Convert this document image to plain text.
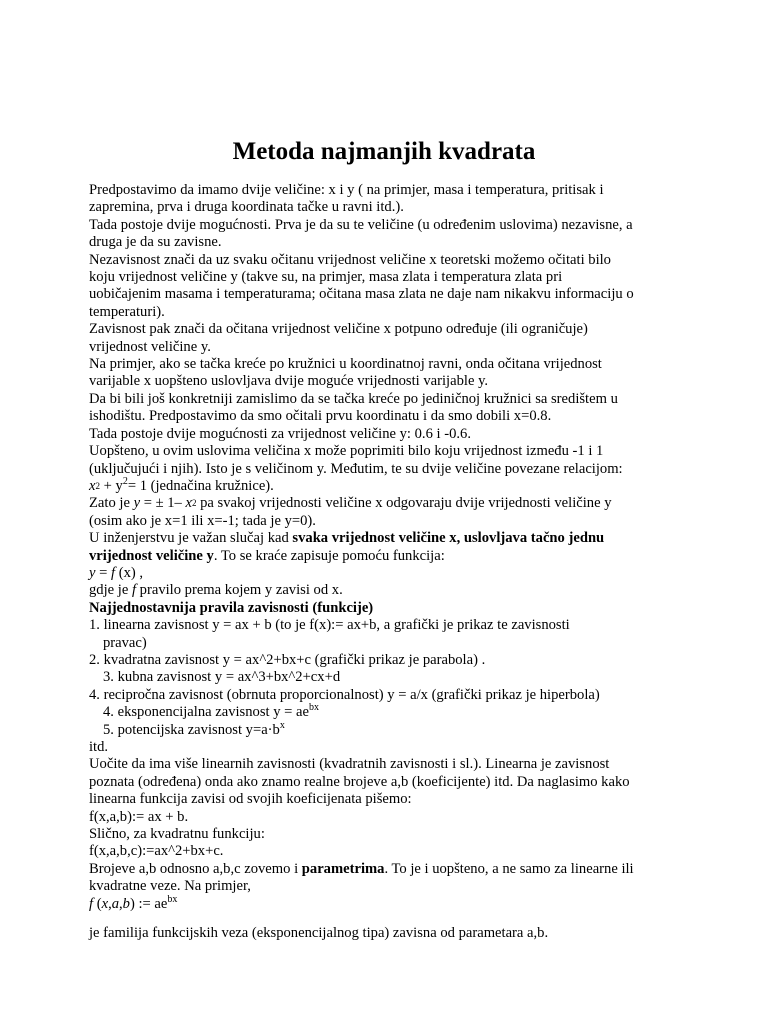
Metoda najmanjih kvadrata

Predpostavimo da imamo dvije veličine: x i y ( na primjer, masa i temperatura, pritisak i

zapremina, prva i druga koordinata tačke u ravni itd.).

Tada postoje dvije mogućnosti. Prva je da su te veličine (u određenim uslovima) nezavisne, a

druga je da su zavisne.

Nezavisnost znači da uz svaku očitanu vrijednost veličine x teoretski možemo očitati bilo

koju vrijednost veličine y (takve su, na primjer, masa zlata i temperatura zlata pri

uobičajenim masama i temperaturama; očitana masa zlata ne daje nam nikakvu informaciju o

temperaturi).

Zavisnost pak znači da očitana vrijednost veličine x potpuno određuje (ili ograničuje)

vrijednost veličine y.

Na primjer, ako se tačka kreće po kružnici u koordinatnoj ravni, onda očitana vrijednost

varijable x uopšteno uslovljava dvije moguće vrijednosti varijable y.

Da bi bili još konkretniji zamislimo da se tačka kreće po jediničnoj kružnici sa središtem u

ishodištu. Predpostavimo da smo očitali prvu koordinatu i da smo dobili x=0.8.

Tada postoje dvije mogućnosti za vrijednost veličine y: 0.6 i -0.6.

Uopšteno, u ovim uslovima veličina x može poprimiti bilo koju vrijednost između -1 i 1

(uključujući i njih). Isto je s veličinom y. Međutim, te su dvije veličine povezane relacijom:

$x^2 + y^2= 1$ (jednačina kružnice).

Zato je y = ± 1– $x^2$ pa svakoj vrijednosti veličine x odgovaraju dvije vrijednosti veličine y

(osim ako je x=1 ili x=-1; tada je y=0).

U inženjerstvu je važan slučaj kad svaka vrijednost veličine x, uslovljava tačno jednu

vrijednost veličine y. To se kraće zapisuje pomoću funkcija:

y = f (x) ,

gdje je f pravilo prema kojem y zavisi od x.

Najjednostavnija pravila zavisnosti (funkcije)

1. linearna zavisnost y = ax + b (to je f(x):= ax+b, a grafički je prikaz te zavisnosti

pravac)

2. kvadratna zavisnost y = ax^2+bx+c (grafički prikaz je parabola) .

3. kubna zavisnost y = ax^3+bx^2+cx+d

4. recipročna zavisnost (obrnuta proporcionalnost) y = a/x (grafički prikaz je hiperbola)

4. eksponencijalna zavisnost $y = ae^{bx}$

5. potencijska zavisnost $y=a\cdot b^x$

itd.

Uočite da ima više linearnih zavisnosti (kvadratnih zavisnosti i sl.). Linearna je zavisnost

poznata (određena) onda ako znamo realne brojeve a,b (koeficijente) itd. Da naglasimo kako

linearna funkcija zavisi od svojih koeficijenata pišemo:

f(x,a,b):= ax + b.

Slično, za kvadratnu funkciju:

f(x,a,b,c):=ax^2+bx+c.

Brojeve a,b odnosno a,b,c zovemo i parametrima. To je i uopšteno, a ne samo za linearne ili

kvadratne veze. Na primjer,

f (x,a,b) := $ae^{bx}$

je familija funkcijskih veza (eksponencijalnog tipa) zavisna od parametara a,b.
